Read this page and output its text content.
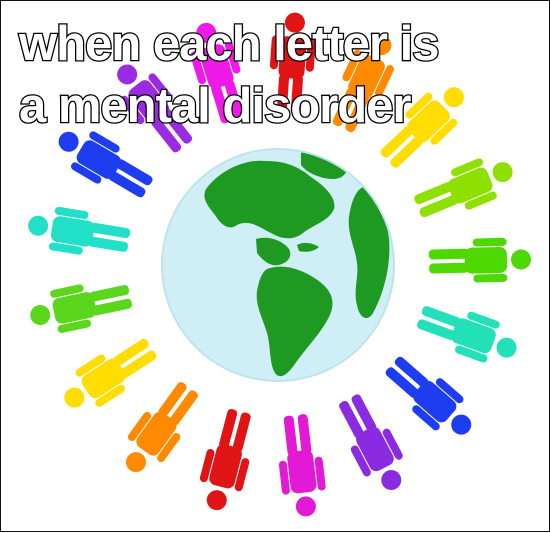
when each letter is
a mental disorder
